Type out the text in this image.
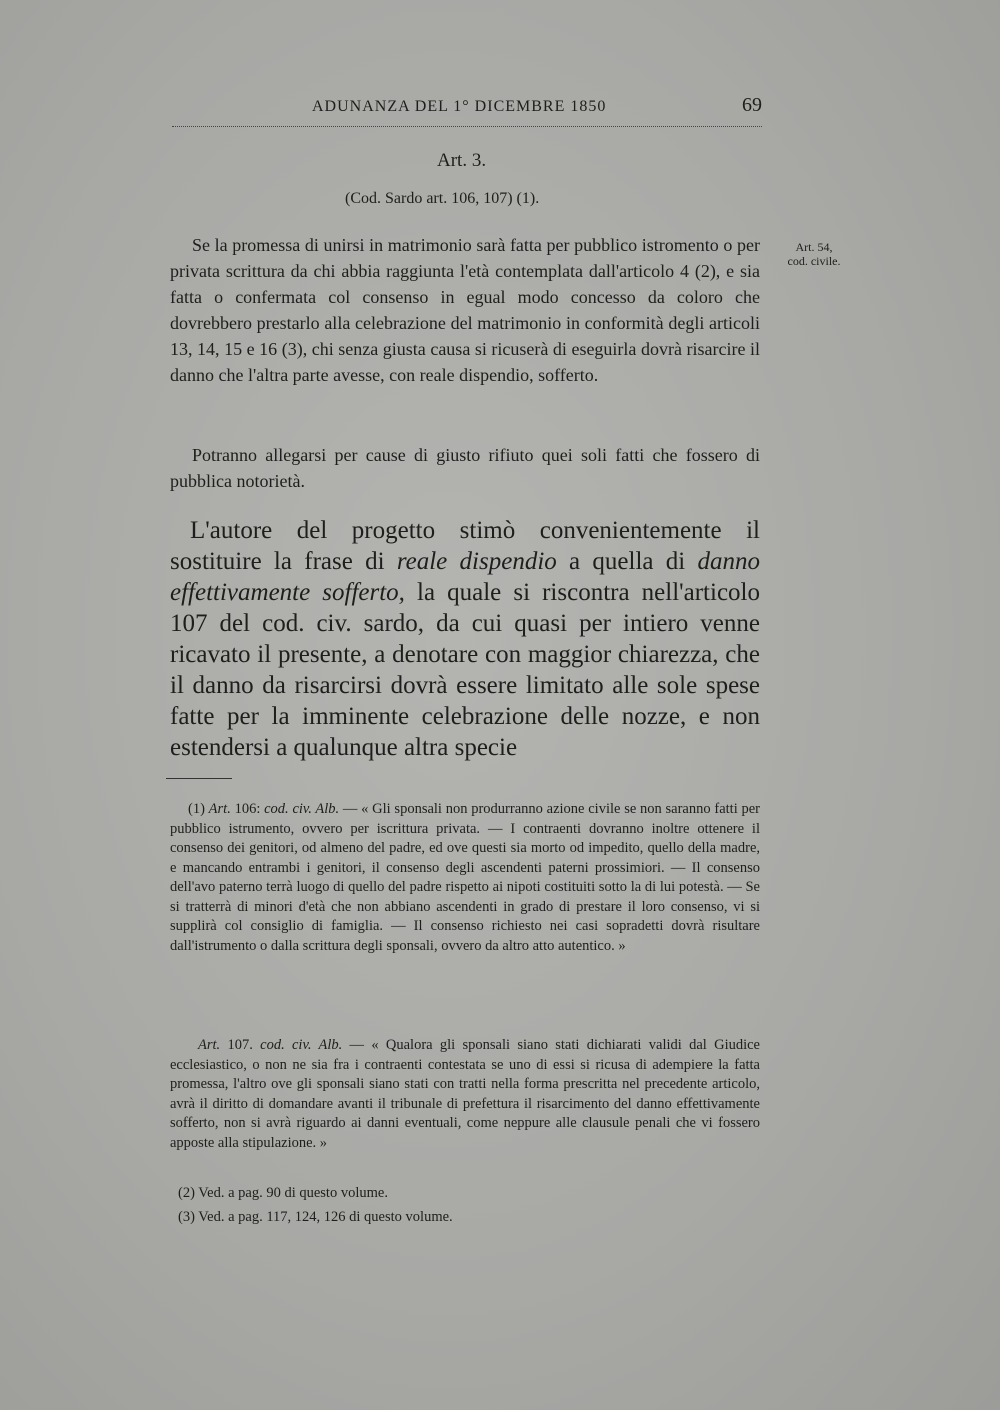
ADUNANZA DEL 1° DICEMBRE 1850	69
Art. 3.
(Cod. Sardo art. 106, 107) (1).
Art. 54,
cod. civile.

Se la promessa di unirsi in matrimonio sarà fatta per pubblico istromento o per privata scrittura da chi abbia raggiunta l'età contemplata dall'articolo 4 (2), e sia fatta o confermata col consenso in egual modo concesso da coloro che dovrebbero prestarlo alla celebrazione del matrimonio in conformità degli articoli 13, 14, 15 e 16 (3), chi senza giusta causa si ricuserà di eseguirla dovrà risarcire il danno che l'altra parte avesse, con reale dispendio, sofferto.

Potranno allegarsi per cause di giusto rifiuto quei soli fatti che fossero di pubblica notorietà.

L'autore del progetto stimò convenientemente il sostituire la frase di reale dispendio a quella di danno effettivamente sofferto, la quale si riscontra nell'articolo 107 del cod. civ. sardo, da cui quasi per intiero venne ricavato il presente, a denotare con maggior chiarezza, che il danno da risarcirsi dovrà essere limitato alle sole spese fatte per la imminente celebrazione delle nozze, e non estendersi a qualunque altra specie

(1) Art. 106: cod. civ. Alb. — « Gli sponsali non produrranno azione civile se non saranno fatti per pubblico istrumento, ovvero per iscrittura privata. — I contraenti dovranno inoltre ottenere il consenso dei genitori, od almeno del padre, ed ove questi sia morto od impedito, quello della madre, e mancando entrambi i genitori, il consenso degli ascendenti paterni prossimiori. — Il consenso dell'avo paterno terrà luogo di quello del padre rispetto ai nipoti costituiti sotto la di lui potestà. — Se si tratterrà di minori d'età che non abbiano ascendenti in grado di prestare il loro consenso, vi si supplirà col consiglio di famiglia. — Il consenso richiesto nei casi sopradetti dovrà risultare dall'istrumento o dalla scrittura degli sponsali, ovvero da altro atto autentico. »

Art. 107. cod. civ. Alb. — « Qualora gli sponsali siano stati dichiarati validi dal Giudice ecclesiastico, o non ne sia fra i contraenti contestata se uno di essi si ricusa di adempiere la fatta promessa, l'altro ove gli sponsali siano stati con tratti nella forma prescritta nel precedente articolo, avrà il diritto di domandare avanti il tribunale di prefettura il risarcimento del danno effettivamente sofferto, non si avrà riguardo ai danni eventuali, come neppure alle clausule penali che vi fossero apposte alla stipulazione. »

(2) Ved. a pag. 90 di questo volume.

(3) Ved. a pag. 117, 124, 126 di questo volume.
